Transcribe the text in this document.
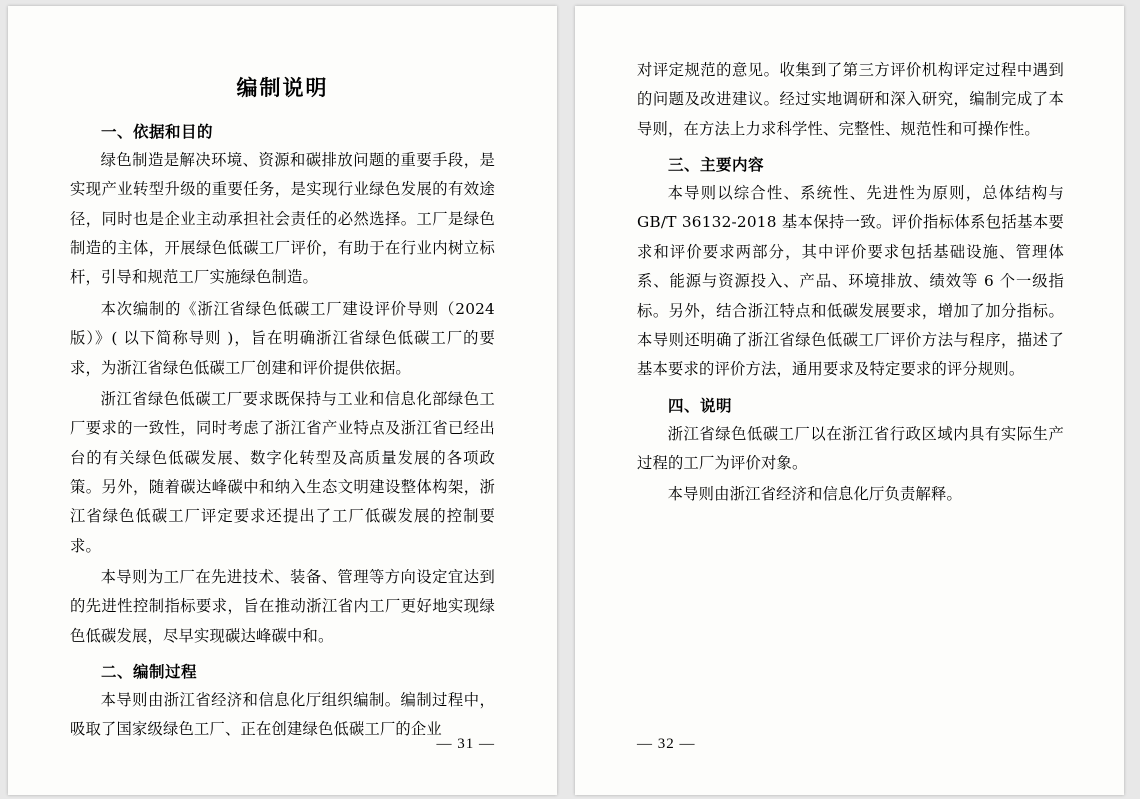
编制说明
一、依据和目的

绿色制造是解决环境、资源和碳排放问题的重要手段，是实现产业转型升级的重要任务，是实现行业绿色发展的有效途径，同时也是企业主动承担社会责任的必然选择。工厂是绿色制造的主体，开展绿色低碳工厂评价，有助于在行业内树立标杆，引导和规范工厂实施绿色制造。

本次编制的《浙江省绿色低碳工厂建设评价导则（2024版）》( 以下简称导则 )，旨在明确浙江省绿色低碳工厂的要求，为浙江省绿色低碳工厂创建和评价提供依据。

浙江省绿色低碳工厂要求既保持与工业和信息化部绿色工厂要求的一致性，同时考虑了浙江省产业特点及浙江省已经出台的有关绿色低碳发展、数字化转型及高质量发展的各项政策。另外，随着碳达峰碳中和纳入生态文明建设整体构架，浙江省绿色低碳工厂评定要求还提出了工厂低碳发展的控制要求。

本导则为工厂在先进技术、装备、管理等方向设定宜达到的先进性控制指标要求，旨在推动浙江省内工厂更好地实现绿色低碳发展，尽早实现碳达峰碳中和。

二、编制过程

本导则由浙江省经济和信息化厅组织编制。编制过程中，吸取了国家级绿色工厂、正在创建绿色低碳工厂的企业

— 31 —

对评定规范的意见。收集到了第三方评价机构评定过程中遇到的问题及改进建议。经过实地调研和深入研究，编制完成了本导则，在方法上力求科学性、完整性、规范性和可操作性。

三、主要内容

本导则以综合性、系统性、先进性为原则，总体结构与GB/T 36132-2018 基本保持一致。评价指标体系包括基本要求和评价要求两部分，其中评价要求包括基础设施、管理体系、能源与资源投入、产品、环境排放、绩效等 6 个一级指标。另外，结合浙江特点和低碳发展要求，增加了加分指标。本导则还明确了浙江省绿色低碳工厂评价方法与程序，描述了基本要求的评价方法，通用要求及特定要求的评分规则。

四、说明

浙江省绿色低碳工厂以在浙江省行政区域内具有实际生产过程的工厂为评价对象。

本导则由浙江省经济和信息化厅负责解释。

— 32 —
